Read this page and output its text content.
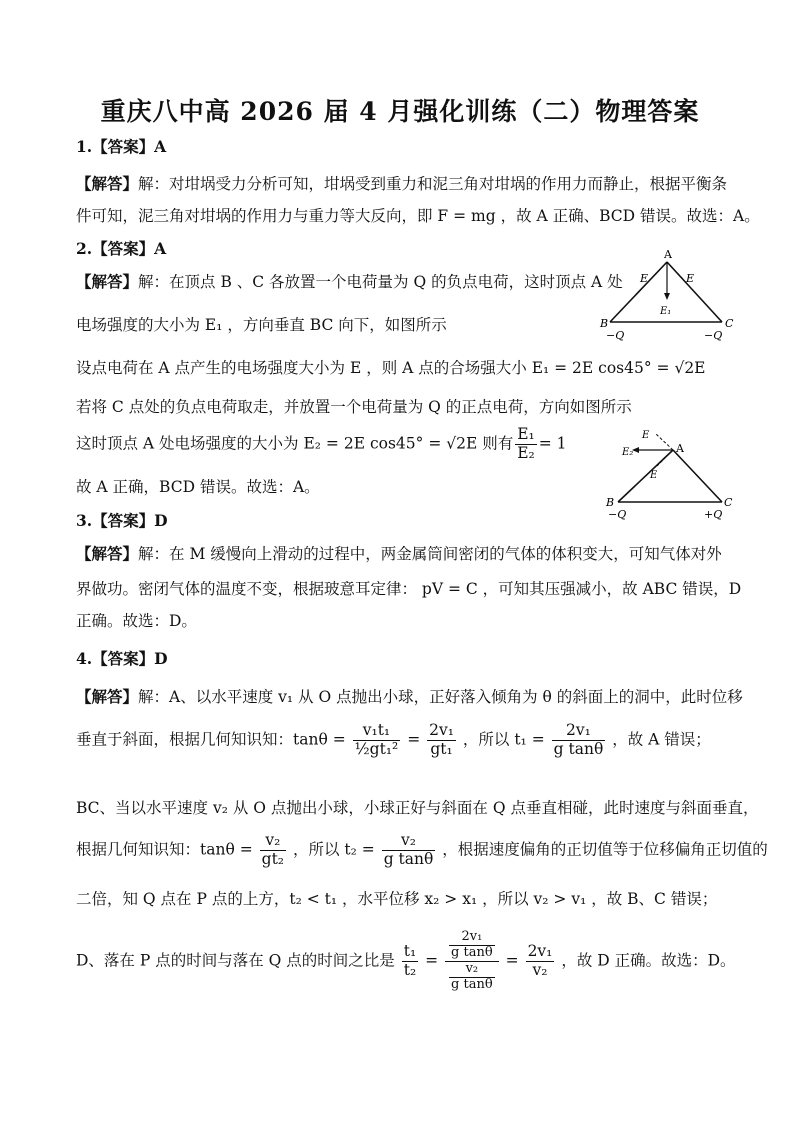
重庆八中高 2026 届 4 月强化训练（二）物理答案
1.【答案】A
【解答】解：对坩埚受力分析可知，坩埚受到重力和泥三角对坩埚的作用力而静止，根据平衡条
件可知，泥三角对坩埚的作用力与重力等大反向，即 F = mg ，故 A 正确、BCD 错误。故选：A。
2.【答案】A
【解答】解：在顶点 B 、C 各放置一个电荷量为 Q 的负点电荷，这时顶点 A 处
电场强度的大小为 E₁ ，方向垂直 BC 向下，如图所示
设点电荷在 A 点产生的电场强度大小为 E ，则 A 点的合场强大小 E₁ = 2E cos45° = √2E
若将 C 点处的负点电荷取走，并放置一个电荷量为 Q 的正点电荷，方向如图所示
这时顶点 A 处电场强度的大小为 E₂ = 2E cos45° = √2E 则有 $\frac{\text{E₁}}{\text{E₂}} = 1$
故 A 正确，BCD 错误。故选：A。
A
E	E
E₁
B	C
−Q	−Q
A
E
E₂
E
B	C
−Q	+Q
3.【答案】D
【解答】解：在 M 缓慢向上滑动的过程中，两金属筒间密闭的气体的体积变大，可知气体对外
界做功。密闭气体的温度不变，根据玻意耳定律： pV = C ，可知其压强减小，故 ABC 错误，D
正确。故选：D。
4.【答案】D
【解答】解：A、以水平速度 v₁ 从 O 点抛出小球，正好落入倾角为 θ 的斜面上的洞中，此时位移
垂直于斜面，根据几何知识知：$\tan\theta = \frac{\text{v₁t₁}}{\text{½gt₁²}} = \frac{\text{2v₁}}{\text{gt₁}}$ ，所以 $t_1 = \frac{\text{2v₁}}{\text{g tanθ}}$ ，故 A 错误；
BC、当以水平速度 v₂ 从 O 点抛出小球，小球正好与斜面在 Q 点垂直相碰，此时速度与斜面垂直，
根据几何知识知：$\tan\theta = \frac{\text{v₂}}{\text{gt₂}}$ ，所以 $t_2 = \frac{\text{v₂}}{\text{g tanθ}}$ ，根据速度偏角的正切值等于位移偏角正切值的
二倍，知 Q 点在 P 点的上方，t₂ < t₁ ，水平位移 x₂ > x₁ ，所以 v₂ > v₁ ，故 B、C 错误；
D、落在 P 点的时间与落在 Q 点的时间之比是 $\frac{\text{t₁}}{\text{t₂}} = \frac{\frac{\text{2v₁}}{\text{g tanθ}}}{\frac{\text{v₂}}{\text{g tanθ}}} = \frac{\text{2v₁}}{\text{v₂}}$ ，故 D 正确。故选：D。
